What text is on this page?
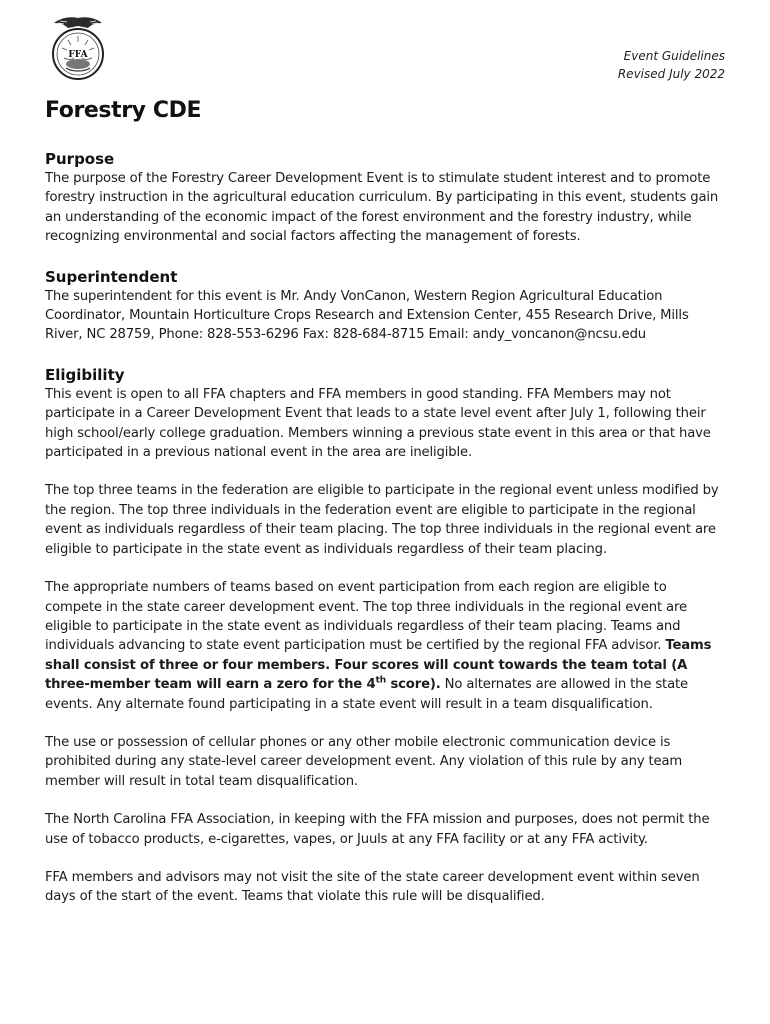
FFA	Event Guidelines
Revised July 2022
Forestry CDE
Purpose

The purpose of the Forestry Career Development Event is to stimulate student interest and to promote forestry instruction in the agricultural education curriculum. By participating in this event, students gain an understanding of the economic impact of the forest environment and the forestry industry, while recognizing environmental and social factors affecting the management of forests.

Superintendent

The superintendent for this event is Mr. Andy VonCanon, Western Region Agricultural Education Coordinator, Mountain Horticulture Crops Research and Extension Center, 455 Research Drive, Mills River, NC 28759, Phone: 828-553-6296 Fax: 828-684-8715 Email: andy_voncanon@ncsu.edu

Eligibility

This event is open to all FFA chapters and FFA members in good standing. FFA Members may not participate in a Career Development Event that leads to a state level event after July 1, following their high school/early college graduation. Members winning a previous state event in this area or that have participated in a previous national event in the area are ineligible.

The top three teams in the federation are eligible to participate in the regional event unless modified by the region. The top three individuals in the federation event are eligible to participate in the regional event as individuals regardless of their team placing. The top three individuals in the regional event are eligible to participate in the state event as individuals regardless of their team placing.

The appropriate numbers of teams based on event participation from each region are eligible to compete in the state career development event. The top three individuals in the regional event are eligible to participate in the state event as individuals regardless of their team placing. Teams and individuals advancing to state event participation must be certified by the regional FFA advisor. Teams shall consist of three or four members. Four scores will count towards the team total (A three-member team will earn a zero for the 4th score). No alternates are allowed in the state events. Any alternate found participating in a state event will result in a team disqualification.

The use or possession of cellular phones or any other mobile electronic communication device is prohibited during any state-level career development event. Any violation of this rule by any team member will result in total team disqualification.

The North Carolina FFA Association, in keeping with the FFA mission and purposes, does not permit the use of tobacco products, e-cigarettes, vapes, or Juuls at any FFA facility or at any FFA activity.

FFA members and advisors may not visit the site of the state career development event within seven days of the start of the event. Teams that violate this rule will be disqualified.
